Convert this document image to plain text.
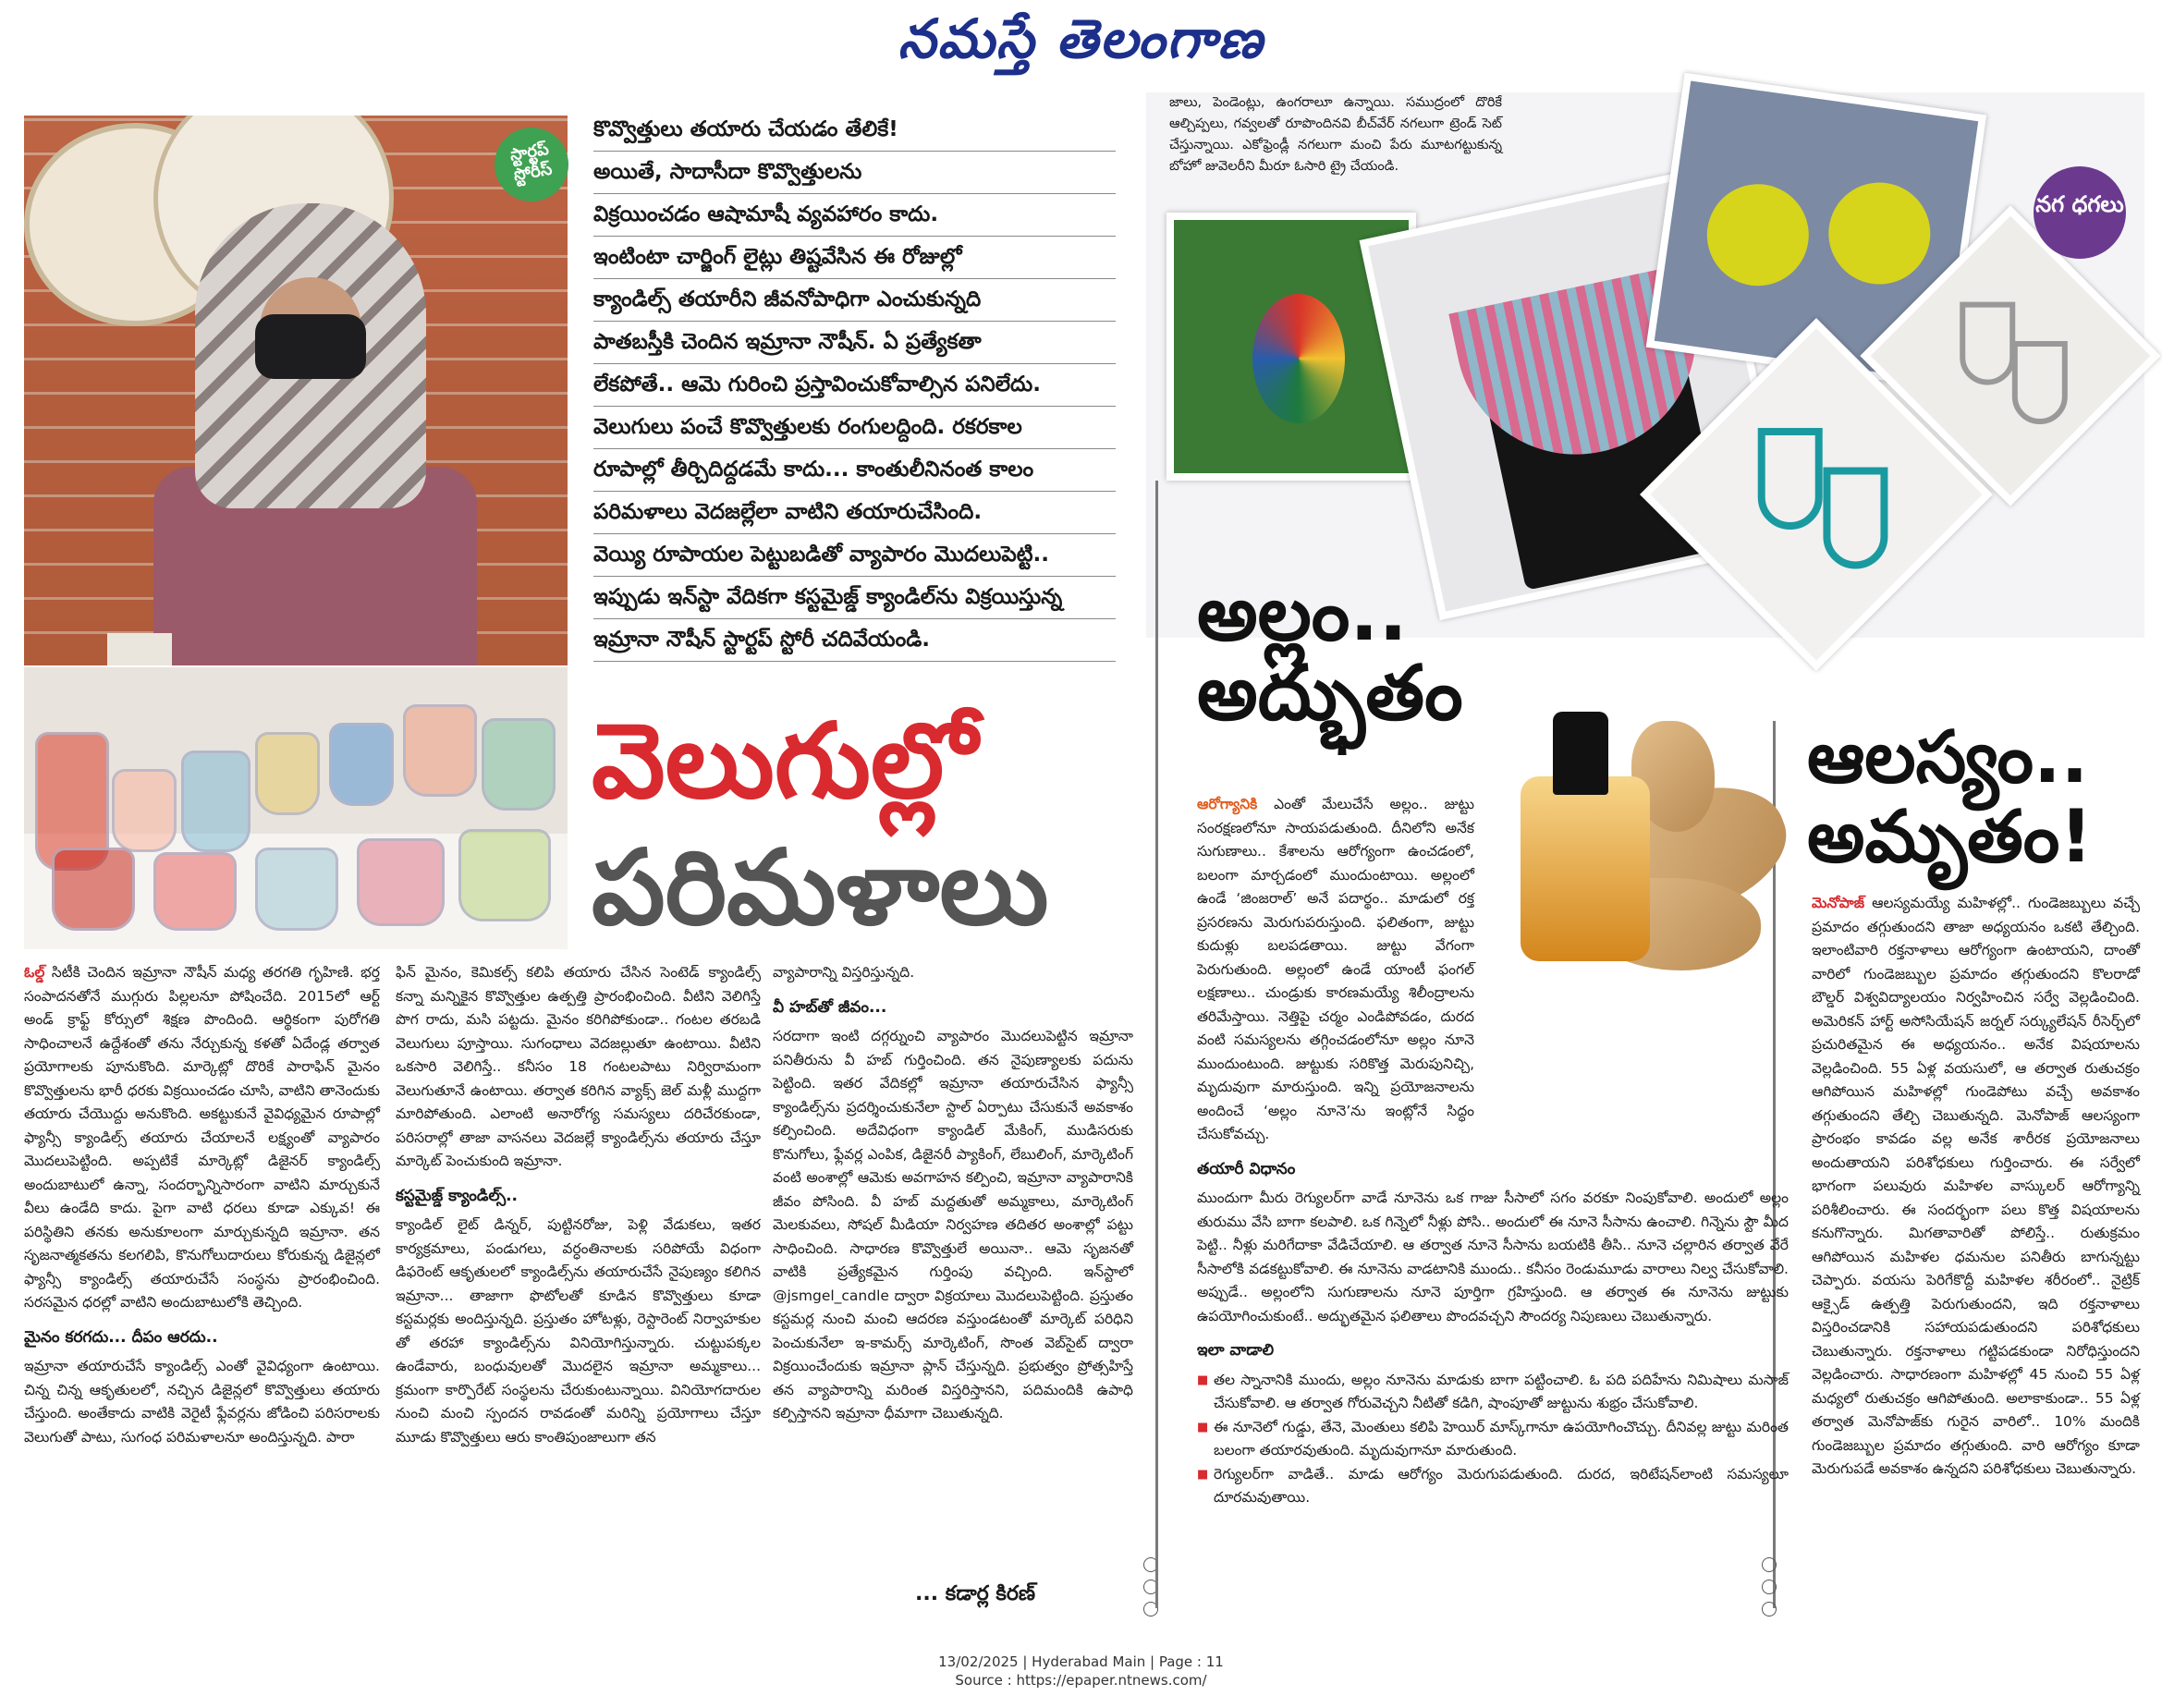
నమస్తే తెలంగాణ
స్టార్టప్ స్టోరీస్
కొవ్వొత్తులు తయారు చేయడం తేలికే!
అయితే, సాదాసీదా కొవ్వొత్తులను
విక్రయించడం ఆషామాషీ వ్యవహారం కాదు.
ఇంటింటా చార్జింగ్ లైట్లు తిష్టవేసిన ఈ రోజుల్లో
క్యాండిల్స్ తయారీని జీవనోపాధిగా ఎంచుకున్నది
పాతబస్తీకి చెందిన ఇమ్రానా నౌషీన్. ఏ ప్రత్యేకతా
లేకపోతే.. ఆమె గురించి ప్రస్తావించుకోవాల్సిన పనిలేదు.
వెలుగులు పంచే కొవ్వొత్తులకు రంగులద్దింది. రకరకాల
రూపాల్లో తీర్చిదిద్దడమే కాదు... కాంతులీనినంత కాలం
పరిమళాలు వెదజల్లేలా వాటిని తయారుచేసింది.
వెయ్యి రూపాయల పెట్టుబడితో వ్యాపారం మొదలుపెట్టి..
ఇప్పుడు ఇన్‌స్టా వేదికగా కస్టమైజ్డ్ క్యాండిల్‌ను విక్రయిస్తున్న
ఇమ్రానా నౌషీన్ స్టార్టప్ స్టోరీ చదివేయండి.
వెలుగుల్లో
పరిమళాలు
నగ ధగలు
జాలు, పెండెంట్లు, ఉంగరాలూ ఉన్నాయి. సముద్రంలో దొరికే ఆల్చిప్పలు, గవ్వలతో రూపొందినవి బీచ్‌వేర్ నగలుగా ట్రెండ్ సెట్ చేస్తున్నాయి. ఎకోఫ్రెండ్లీ నగలుగా మంచి పేరు మూటగట్టుకున్న బోహో జువెలరీని మీరూ ఓసారి ట్రై చేయండి.

ఓల్డ్ సిటీకి చెందిన ఇమ్రానా నౌషీన్ మధ్య తరగతి గృహిణి. భర్త సంపాదనతోనే ముగ్గురు పిల్లలనూ పోషించేది. 2015లో ఆర్ట్ అండ్ క్రాఫ్ట్ కోర్సులో శిక్షణ పొందింది. ఆర్థికంగా పురోగతి సాధించాలనే ఉద్దేశంతో తను నేర్చుకున్న కళతో ఏదేండ్ల తర్వాత ప్రయోగాలకు పూనుకొంది. మార్కెట్లో దొరికే పారాఫిన్ మైనం కొవ్వొత్తులను భారీ ధరకు విక్రయించడం చూసి, వాటిని తానెందుకు తయారు చేయొద్దు అనుకొంది. అకట్టుకునే వైవిధ్యమైన రూపాల్లో ఫ్యాన్సీ క్యాండిల్స్ తయారు చేయాలనే లక్ష్యంతో వ్యాపారం మొదలుపెట్టింది. అప్పటికే మార్కెట్లో డిజైనర్ క్యాండిల్స్ అందుబాటులో ఉన్నా, సందర్భాన్నిసారంగా వాటిని మార్చుకునే వీలు ఉండేది కాదు. పైగా వాటి ధరలు కూడా ఎక్కువ! ఈ పరిస్థితిని తనకు అనుకూలంగా మార్చుకున్నది ఇమ్రానా. తన సృజనాత్మకతను కలగలిపి, కొనుగోలుదారులు కోరుకున్న డిజైన్లలో ఫ్యాన్సీ క్యాండిల్స్ తయారుచేసే సంస్థను ప్రారంభించింది. సరసమైన ధరల్లో వాటిని అందుబాటులోకి తెచ్చింది.

మైనం కరగదు... దీపం ఆరదు..

ఇమ్రానా తయారుచేసే క్యాండిల్స్ ఎంతో వైవిధ్యంగా ఉంటాయి. చిన్న చిన్న ఆకృతులలో, నచ్చిన డిజైన్లలో కొవ్వొత్తులు తయారు చేస్తుంది. అంతేకాదు వాటికి వెరైటీ ఫ్లేవర్లను జోడించి పరిసరాలకు వెలుగుతో పాటు, సుగంధ పరిమళాలనూ అందిస్తున్నది. పారా

ఫిన్ మైనం, కెమికల్స్ కలిపి తయారు చేసిన సెంటెడ్ క్యాండిల్స్ కన్నా మన్నికైన కొవ్వొత్తుల ఉత్పత్తి ప్రారంభించింది. వీటిని వెలిగిస్తే పొగ రాదు, మసి పట్టదు. మైనం కరిగిపోకుండా.. గంటల తరబడి వెలుగులు పూస్తాయి. సుగంధాలు వెదజల్లుతూ ఉంటాయి. వీటిని ఒకసారి వెలిగిస్తే.. కనీసం 18 గంటలపాటు నిర్విరామంగా వెలుగుతూనే ఉంటాయి. తర్వాత కరిగిన వ్యాక్స్ జెల్ మళ్లీ ముద్దగా మారిపోతుంది. ఎలాంటి అనారోగ్య సమస్యలు దరిచేరకుండా, పరిసరాల్లో తాజా వాసనలు వెదజల్లే క్యాండిల్స్‌ను తయారు చేస్తూ మార్కెట్ పెంచుకుంది ఇమ్రానా.

కస్టమైజ్డ్ క్యాండిల్స్..

క్యాండిల్ లైట్ డిన్నర్, పుట్టినరోజు, పెళ్లి వేడుకలు, ఇతర కార్యక్రమాలు, పండుగలు, వర్ధంతినాలకు సరిపోయే విధంగా డిఫరెంట్ ఆకృతులలో క్యాండిల్స్‌ను తయారుచేసే నైపుణ్యం కలిగిన ఇమ్రానా... తాజాగా ఫొటోలతో కూడిన కొవ్వొత్తులు కూడా కస్టమర్లకు అందిస్తున్నది. ప్రస్తుతం హోటళ్లు, రెస్టారెంట్ నిర్వాహకుల తో తరహా క్యాండిల్స్‌ను వినియోగిస్తున్నారు. చుట్టుపక్కల ఉండేవారు, బంధువులతో మొదలైన ఇమ్రానా అమ్మకాలు... క్రమంగా కార్పొరేట్ సంస్థలను చేరుకుంటున్నాయి. వినియోగదారుల నుంచి మంచి స్పందన రావడంతో మరిన్ని ప్రయోగాలు చేస్తూ మూడు కొవ్వొత్తులు ఆరు కాంతిపుంజాలుగా తన

వ్యాపారాన్ని విస్తరిస్తున్నది.

వీ హబ్‌తో జీవం...

సరదాగా ఇంటి దగ్గర్నుంచి వ్యాపారం మొదలుపెట్టిన ఇమ్రానా పనితీరును వీ హబ్ గుర్తించింది. తన నైపుణ్యాలకు పదును పెట్టింది. ఇతర వేదికల్లో ఇమ్రానా తయారుచేసిన ఫ్యాన్సీ క్యాండిల్స్‌ను ప్రదర్శించుకునేలా స్టాల్ ఏర్పాటు చేసుకునే అవకాశం కల్పించింది. అదేవిధంగా క్యాండిల్ మేకింగ్, ముడిసరుకు కొనుగోలు, ఫ్లేవర్ల ఎంపిక, డిజైనరీ ప్యాకింగ్, లేబులింగ్, మార్కెటింగ్ వంటి అంశాల్లో ఆమెకు అవగాహన కల్పించి, ఇమ్రానా వ్యాపారానికి జీవం పోసింది. వీ హబ్ మద్దతుతో అమ్మకాలు, మార్కెటింగ్ మెలకువలు, సోషల్ మీడియా నిర్వహణ తదితర అంశాల్లో పట్టు సాధించింది. సాధారణ కొవ్వొత్తులే అయినా.. ఆమె సృజనతో వాటికి ప్రత్యేకమైన గుర్తింపు వచ్చింది. ఇన్‌స్టాలో @jsmgel_candle ద్వారా విక్రయాలు మొదలుపెట్టింది. ప్రస్తుతం కస్టమర్ల నుంచి మంచి ఆదరణ వస్తుండటంతో మార్కెట్ పరిధిని పెంచుకునేలా ఇ-కామర్స్ మార్కెటింగ్, సొంత వెబ్‌సైట్ ద్వారా విక్రయించేందుకు ఇమ్రానా ప్లాన్ చేస్తున్నది. ప్రభుత్వం ప్రోత్సహిస్తే తన వ్యాపారాన్ని మరింత విస్తరిస్తానని, పదిమందికి ఉపాధి కల్పిస్తానని ఇమ్రానా ధీమాగా చెబుతున్నది.

... కడార్ల కిరణ్
అల్లం..
అద్భుతం

ఆరోగ్యానికి ఎంతో మేలుచేసే అల్లం.. జుట్టు సంరక్షణలోనూ సాయపడుతుంది. దీనిలోని అనేక సుగుణాలు.. కేశాలను ఆరోగ్యంగా ఉంచడంలో, బలంగా మార్చడంలో ముందుంటాయి. అల్లంలో ఉండే ‘జింజరాల్’ అనే పదార్థం.. మాడులో రక్త ప్రసరణను మెరుగుపరుస్తుంది. ఫలితంగా, జుట్టు కుదుళ్లు బలపడతాయి. జుట్టు వేగంగా పెరుగుతుంది. అల్లంలో ఉండే యాంటీ ఫంగల్ లక్షణాలు.. చుండ్రుకు కారణమయ్యే శిలీంద్రాలను తరిమేస్తాయి. నెత్తిపై చర్మం ఎండిపోవడం, దురద వంటి సమస్యలను తగ్గించడంలోనూ అల్లం నూనె ముందుంటుంది. జుట్టుకు సరికొత్త మెరుపునిచ్చి, మృదువుగా మారుస్తుంది. ఇన్ని ప్రయోజనాలను అందించే ‘అల్లం నూనె’ను ఇంట్లోనే సిద్ధం చేసుకోవచ్చు.

తయారీ విధానం

ముందుగా మీరు రెగ్యులర్‌గా వాడే నూనెను ఒక గాజు సీసాలో సగం వరకూ నింపుకోవాలి. అందులో అల్లం తురుము వేసి బాగా కలపాలి. ఒక గిన్నెలో నీళ్లు పోసి.. అందులో ఈ నూనె సీసాను ఉంచాలి. గిన్నెను స్టౌ మీద పెట్టి.. నీళ్లు మరిగేదాకా వేడిచేయాలి. ఆ తర్వాత నూనె సీసాను బయటికి తీసి.. నూనె చల్లారిన తర్వాత వేరే సీసాలోకి వడకట్టుకోవాలి. ఈ నూనెను వాడటానికి ముందు.. కనీసం రెండుమూడు వారాలు నిల్వ చేసుకోవాలి. అప్పుడే.. అల్లంలోని సుగుణాలను నూనె పూర్తిగా గ్రహిస్తుంది. ఆ తర్వాత ఈ నూనెను జుట్టుకు ఉపయోగించుకుంటే.. అద్భుతమైన ఫలితాలు పొందవచ్చని సౌందర్య నిపుణులు చెబుతున్నారు.

ఇలా వాడాలి
■ తల స్నానానికి ముందు, అల్లం నూనెను మాడుకు బాగా పట్టించాలి. ఓ పది పదిహేను నిమిషాలు మసాజ్ చేసుకోవాలి. ఆ తర్వాత గోరువెచ్చని నీటితో కడిగి, షాంపూతో జుట్టును శుభ్రం చేసుకోవాలి.
■ ఈ నూనెలో గుడ్డు, తేనె, మెంతులు కలిపి హెయిర్ మాస్క్‌గానూ ఉపయోగించొచ్చు. దీనివల్ల జుట్టు మరింత బలంగా తయారవుతుంది. మృదువుగానూ మారుతుంది.
■ రెగ్యులర్‌గా వాడితే.. మాడు ఆరోగ్యం మెరుగుపడుతుంది. దురద, ఇరిటేషన్‌లాంటి సమస్యలూ దూరమవుతాయి.
ఆలస్యం..
అమృతం!

మెనోపాజ్ ఆలస్యమయ్యే మహిళల్లో.. గుండెజబ్బులు వచ్చే ప్రమాదం తగ్గుతుందని తాజా అధ్యయనం ఒకటి తేల్చింది. ఇలాంటివారి రక్తనాళాలు ఆరోగ్యంగా ఉంటాయని, దాంతో వారిలో గుండెజబ్బుల ప్రమాదం తగ్గుతుందని కొలరాడో బౌల్డర్ విశ్వవిద్యాలయం నిర్వహించిన సర్వే వెల్లడించింది. అమెరికన్ హార్ట్ అసోసియేషన్ జర్నల్ సర్క్యులేషన్ రీసెర్చ్‌లో ప్రచురితమైన ఈ అధ్యయనం.. అనేక విషయాలను వెల్లడించింది. 55 ఏళ్ల వయసులో, ఆ తర్వాత రుతుచక్రం ఆగిపోయిన మహిళల్లో గుండెపోటు వచ్చే అవకాశం తగ్గుతుందని తేల్చి చెబుతున్నది. మెనోపాజ్ ఆలస్యంగా ప్రారంభం కావడం వల్ల అనేక శారీరక ప్రయోజనాలు అందుతాయని పరిశోధకులు గుర్తించారు. ఈ సర్వేలో భాగంగా పలువురు మహిళల వాస్కులర్ ఆరోగ్యాన్ని పరిశీలించారు. ఈ సందర్భంగా పలు కొత్త విషయాలను కనుగొన్నారు. మిగతావారితో పోలిస్తే.. రుతుక్రమం ఆగిపోయిన మహిళల ధమనుల పనితీరు బాగున్నట్టు చెప్పారు. వయసు పెరిగేకొద్దీ మహిళల శరీరంలో.. నైట్రిక్ ఆక్సైడ్ ఉత్పత్తి పెరుగుతుందని, ఇది రక్తనాళాలు విస్తరించడానికి సహాయపడుతుందని పరిశోధకులు చెబుతున్నారు. రక్తనాళాలు గట్టిపడకుండా నిరోధిస్తుందని వెల్లడించారు. సాధారణంగా మహిళల్లో 45 నుంచి 55 ఏళ్ల మధ్యలో రుతుచక్రం ఆగిపోతుంది. అలాకాకుండా.. 55 ఏళ్ల తర్వాత మెనోపాజ్‌కు గురైన వారిలో.. 10% మందికి గుండెజబ్బుల ప్రమాదం తగ్గుతుంది. వారి ఆరోగ్యం కూడా మెరుగుపడే అవకాశం ఉన్నదని పరిశోధకులు చెబుతున్నారు.

13/02/2025 | Hyderabad Main | Page : 11
Source : https://epaper.ntnews.com/
